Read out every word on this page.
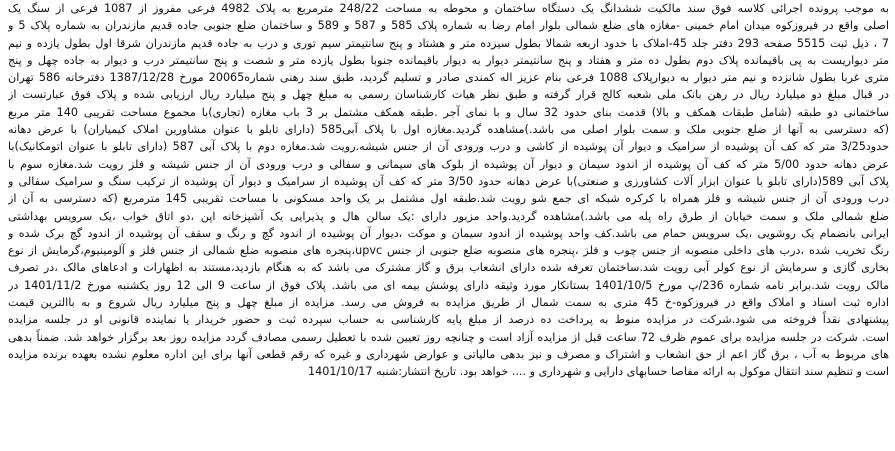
به موجب پرونده اجرائی کلاسه فوق سند مالکیت ششدانگ یک دستگاه ساختمان و محوطه به مساحت 248/22 مترمربع به پلاک 4982 فرعی مفروز از 1087 فرعی از سنگ یک
اصلی واقع در فیروزکوه میدان امام خمینی -مغازه های ضلع شمالی بلوار امام رضا به شماره پلاک 585 و 587 و 589 و ساختمان ضلع جنوبی جاده قدیم مازندران به شماره پلاک 5 و
7 ، ذیل ثبت 5515 صفحه 293 دفتر جلد 45-املاک با حدود اربعه شمالا بطول سیزده متر و هشتاد و پنج سانتیمتر سیم توری و درب به جاده قدیم مازندران شرقا اول بطول یازده و نیم
متر دیواریست به پی باقیمانده پلاک دوم بطول ده متر و هفتاد و پنج سانتیمتر دیوار به دیوار باقیمانده جنوبا بطول یازده متر و شصت و پنج سانتیمتر درب و دیوار به جاده چهل و پنج
متری غربا بطول شانزده و نیم متر دیوار به دیوارپلاک 1088 فرعی بنام عزیز اله کمندی صادر و تسلیم گردید، طبق سند رهنی شماره20065 مورخ 1387/12/28 دفترخانه 586 تهران
در قبال مبلغ دو میلیارد ریال در رهن بانک ملی شعبه کالج قرار گرفته و طبق نظر هیات کارشناسان رسمی به مبلغ چهل و پنج میلیارد ریال ارزیابی شده و پلاک فوق عبارتست از
ساختمانی دو طبقه (شامل طبقات همکف و بالا) قدمت بنای حدود 32 سال و با نمای آجر .طبقه همکف مشتمل بر 3 باب مغازه (تجاری)با مجموع مساحت تقریبی 140 متر مربع
(که دسترسی به آنها از ضلع جنوبی ملک و سمت بلوار اصلی می باشد.)مشاهده گردید.مغازه اول با پلاک آبی585 (دارای تابلو با عنوان مشاورین املاک کیمیاران) با عرض دهانه
حدود3/25 متر که کف آن پوشیده از سرامیک و دیوار آن پوشیده از کاشی و درب ورودی آن از جنس شیشه.رویت شد.مغازه دوم با پلاک آبی 587 (دارای تابلو با عنوان اتومکانیک)با
عرض دهانه حدود 5/00 متر که کف آن پوشیده از اندود سیمان و دیوار آن پوشیده از بلوک های سیمانی و سفالی و درب ورودی آن از جنس شیشه و فلز رویت شد.مغازه سوم با
پلاک آبی 589(دارای تابلو با عنوان ابزار آلات کشاورزی و صنعتی)با عرض دهانه حدود 3/50 متر که کف آن پوشیده از سرامیک و دیوار آن پوشیده از ترکیب سنگ و سرامیک سفالی و
درب ورودی آن از جنس شیشه و فلز همراه با کرکره شبکه ای جمع شو رویت شد.طبقه اول مشتمل بر یک واحد مسکونی با مساحت تقریبی 145 مترمربع (که دسترسی به آن از
ضلع شمالی ملک و سمت خیابان از طرق راه پله می باشد.)مشاهده گردید.واحد مزبور دارای :یک سالن هال و پذیرایی یک آشپزخانه اپن ،دو اتاق خواب ،یک سرویس بهداشتی
ایرانی بانضمام یک روشویی ،یک سرویس حمام می باشد.کف واحد پوشیده از اندود سیمان و موکت ،دیوار آن پوشیده از اندود گچ و رنگ و سقف آن پوشیده از اندود گچ برک شده و
رنگ تخریب شده ،درب های داخلی منصوبه از جنس چوب و فلز ،پنجره های منصوبه ضلع جنوبی از جنس upvc،پنجره های منصوبه ضلع شمالی از جنس فلز و آلومینیوم،گرمایش از نوع
بخاری گازی و سرمایش از نوع کولر آبی رویت شد.ساختمان تعرفه شده دارای انشعاب برق و گاز مشترک می باشد که به هنگام بازدید،مستند به اظهارات و ادعاهای مالک ،در تصرف
مالک رویت شد.برابر نامه شماره 236/پ مورخ 1401/10/5 بستانکار مورد وثیقه دارای پوشش بیمه ای می باشد. پلاک فوق از ساعت 9 الی 12 روز یکشنبه مورخ 1401/11/2 در
اداره ثبت اسناد و املاک واقع در فیروزکوه-خ 45 متری به سمت شمال از طریق مزایده به فروش می رسد. مزایده از مبلغ چهل و پنج میلیارد ریال شروع و به باالترین قیمت
پیشنهادی نقداً فروخته می شود.شرکت در مزایده منوط به پرداخت ده درصد از مبلغ پایه کارشناسی به حساب سپرده ثبت و حضور خریدار یا نماینده قانونی او در جلسه مزایده
است. شرکت در جلسه مزایده برای عموم ظرف 72 ساعت قبل از مزایده آزاد است و چنانچه روز تعیین شده با تعطیل رسمی مصادف گردد مزایده روز بعد برگزار خواهد شد. ضمناً بدهی
های مربوط به آب ، برق گاز اعم از حق انشعاب و اشتراک و مصرف و نیز بدهی مالیاتی و عوارض شهرداری و غیره که رقم قطعی آنها برای این اداره معلوم نشده بعهده برنده مزایده
است و تنظیم سند انتقال موکول به ارائه مفاصا حسابهای دارایی و شهرداری و .... خواهد بود. تاریخ انتشار:شنبه 1401/10/17
